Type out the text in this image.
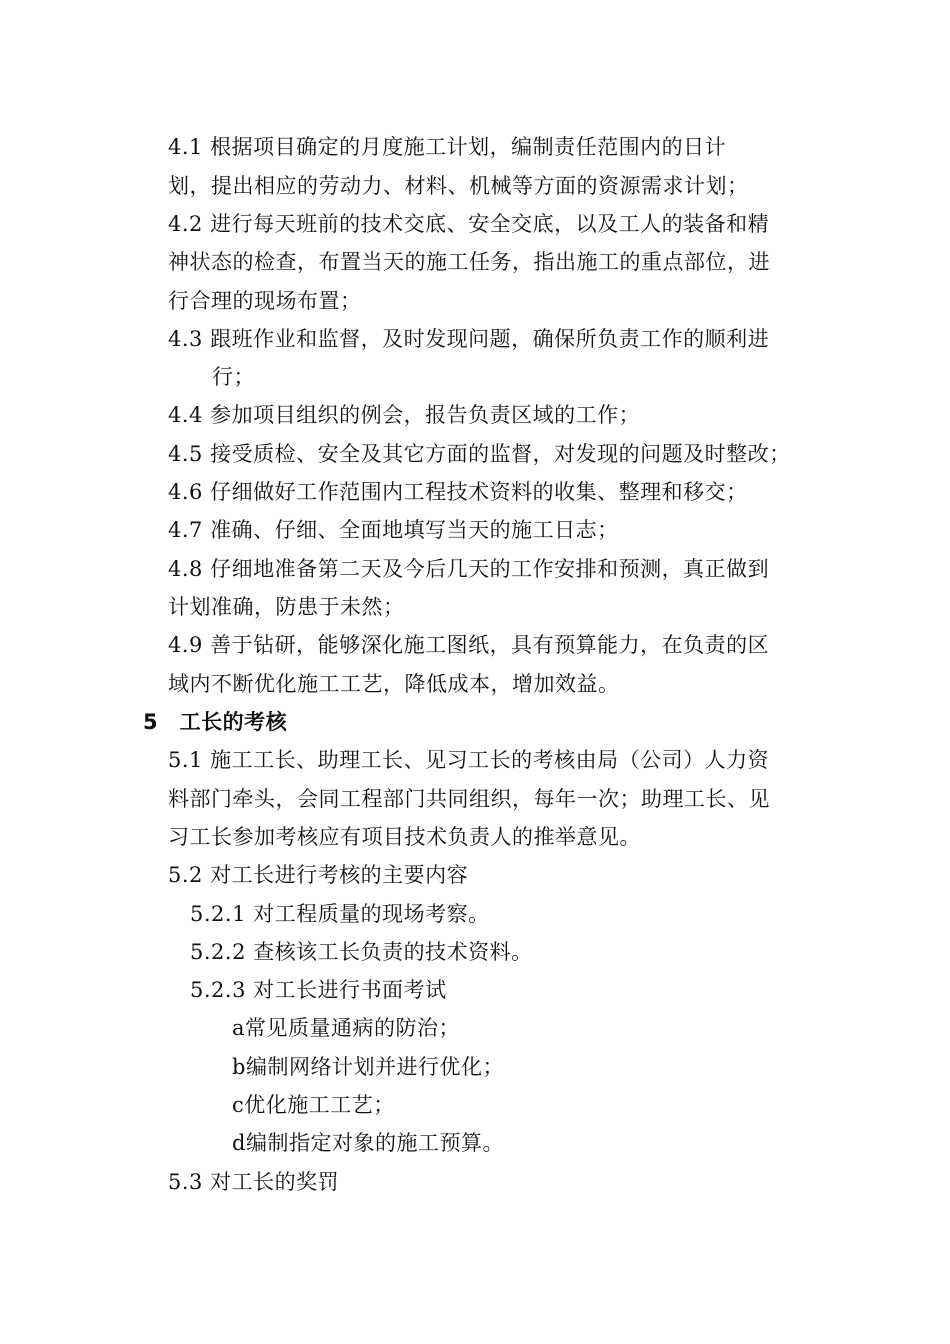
4.1 根据项目确定的月度施工计划，编制责任范围内的日计
划，提出相应的劳动力、材料、机械等方面的资源需求计划；
4.2 进行每天班前的技术交底、安全交底，以及工人的装备和精
神状态的检查，布置当天的施工任务，指出施工的重点部位，进
行合理的现场布置；
4.3 跟班作业和监督，及时发现问题，确保所负责工作的顺利进
行；
4.4 参加项目组织的例会，报告负责区域的工作；
4.5 接受质检、安全及其它方面的监督，对发现的问题及时整改；
4.6 仔细做好工作范围内工程技术资料的收集、整理和移交；
4.7 准确、仔细、全面地填写当天的施工日志；
4.8 仔细地准备第二天及今后几天的工作安排和预测，真正做到
计划准确，防患于未然；
4.9 善于钻研，能够深化施工图纸，具有预算能力，在负责的区
域内不断优化施工工艺，降低成本，增加效益。
5　工长的考核
5.1 施工工长、助理工长、见习工长的考核由局（公司）人力资
料部门牵头，会同工程部门共同组织，每年一次；助理工长、见
习工长参加考核应有项目技术负责人的推举意见。
5.2 对工长进行考核的主要内容
5.2.1 对工程质量的现场考察。
5.2.2 查核该工长负责的技术资料。
5.2.3 对工长进行书面考试
a常见质量通病的防治；
b编制网络计划并进行优化；
c优化施工工艺；
d编制指定对象的施工预算。
5.3 对工长的奖罚
